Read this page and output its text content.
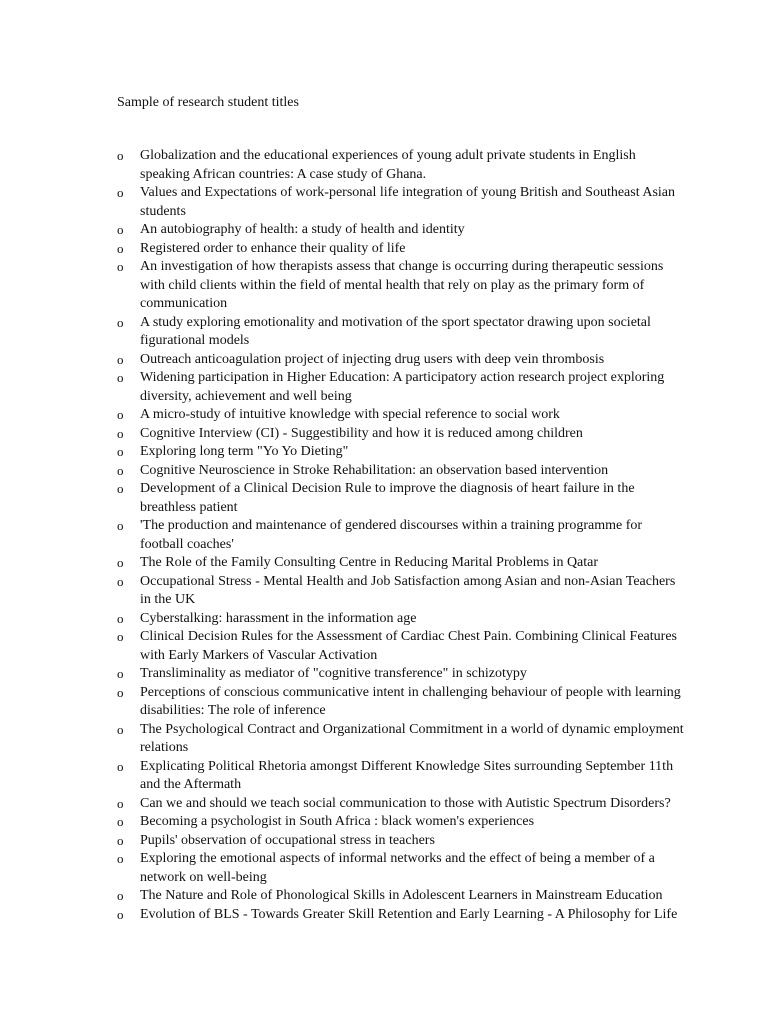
Sample of research student titles
o Globalization and the educational experiences of young adult private students in English speaking African countries: A case study of Ghana.
o Values and Expectations of work-personal life integration of young British and Southeast Asian students
o An autobiography of health: a study of health and identity
o Registered order to enhance their quality of life
o An investigation of how therapists assess that change is occurring during therapeutic sessions with child clients within the field of mental health that rely on play as the primary form of communication
o A study exploring emotionality and motivation of the sport spectator drawing upon societal figurational models
o Outreach anticoagulation project of injecting drug users with deep vein thrombosis
o Widening participation in Higher Education: A participatory action research project exploring diversity, achievement and well being
o A micro-study of intuitive knowledge with special reference to social work
o Cognitive Interview (CI) - Suggestibility and how it is reduced among children
o Exploring long term "Yo Yo Dieting"
o Cognitive Neuroscience in Stroke Rehabilitation: an observation based intervention
o Development of a Clinical Decision Rule to improve the diagnosis of heart failure in the breathless patient
o 'The production and maintenance of gendered discourses within a training programme for football coaches'
o The Role of the Family Consulting Centre in Reducing Marital Problems in Qatar
o Occupational Stress - Mental Health and Job Satisfaction among Asian and non-Asian Teachers in the UK
o Cyberstalking: harassment in the information age
o Clinical Decision Rules for the Assessment of Cardiac Chest Pain. Combining Clinical Features with Early Markers of Vascular Activation
o Transliminality as mediator of "cognitive transference" in schizotypy
o Perceptions of conscious communicative intent in challenging behaviour of people with learning disabilities: The role of inference
o The Psychological Contract and Organizational Commitment in a world of dynamic employment relations
o Explicating Political Rhetoria amongst Different Knowledge Sites surrounding September 11th and the Aftermath
o Can we and should we teach social communication to those with Autistic Spectrum Disorders?
o Becoming a psychologist in South Africa : black women's experiences
o Pupils' observation of occupational stress in teachers
o Exploring the emotional aspects of informal networks and the effect of being a member of a network on well-being
o The Nature and Role of Phonological Skills in Adolescent Learners in Mainstream Education
o Evolution of BLS - Towards Greater Skill Retention and Early Learning - A Philosophy for Life
